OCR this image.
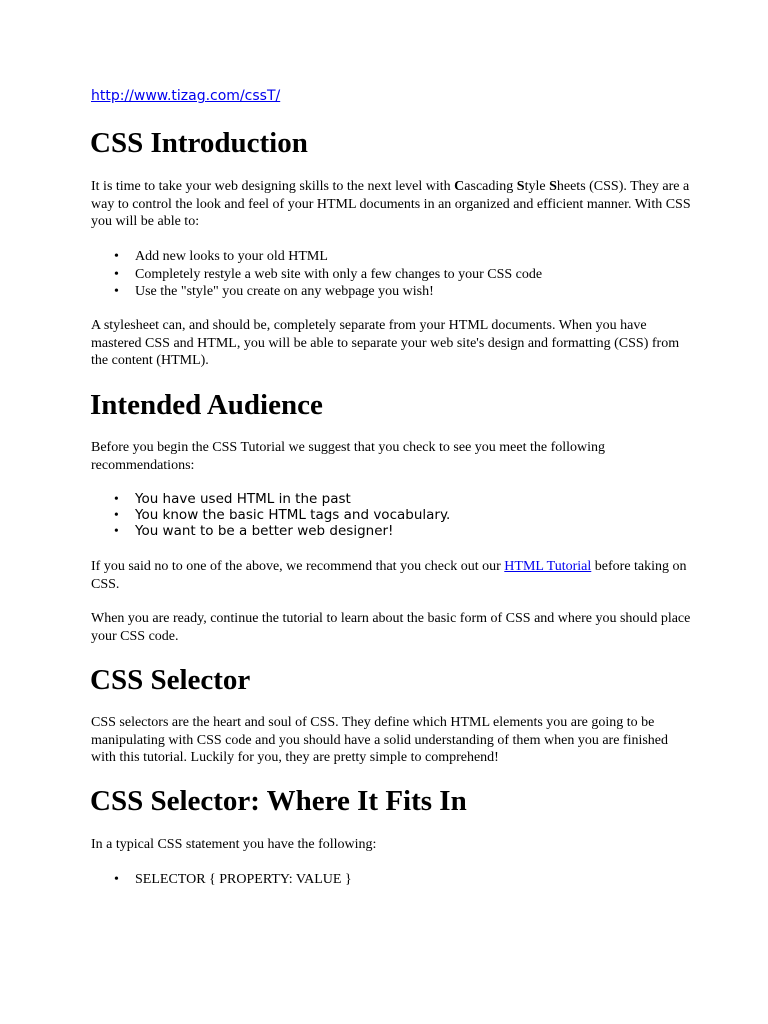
http://www.tizag.com/cssT/
CSS Introduction

It is time to take your web designing skills to the next level with Cascading Style Sheets (CSS). They are a way to control the look and feel of your HTML documents in an organized and efficient manner. With CSS you will be able to:

• Add new looks to your old HTML
• Completely restyle a web site with only a few changes to your CSS code
• Use the "style" you create on any webpage you wish!

A stylesheet can, and should be, completely separate from your HTML documents. When you have mastered CSS and HTML, you will be able to separate your web site's design and formatting (CSS) from the content (HTML).

Intended Audience

Before you begin the CSS Tutorial we suggest that you check to see you meet the following recommendations:

• You have used HTML in the past
• You know the basic HTML tags and vocabulary.
• You want to be a better web designer!

If you said no to one of the above, we recommend that you check out our HTML Tutorial before taking on CSS.

When you are ready, continue the tutorial to learn about the basic form of CSS and where you should place your CSS code.

CSS Selector

CSS selectors are the heart and soul of CSS. They define which HTML elements you are going to be manipulating with CSS code and you should have a solid understanding of them when you are finished with this tutorial. Luckily for you, they are pretty simple to comprehend!

CSS Selector: Where It Fits In

In a typical CSS statement you have the following:

• SELECTOR { PROPERTY: VALUE }
